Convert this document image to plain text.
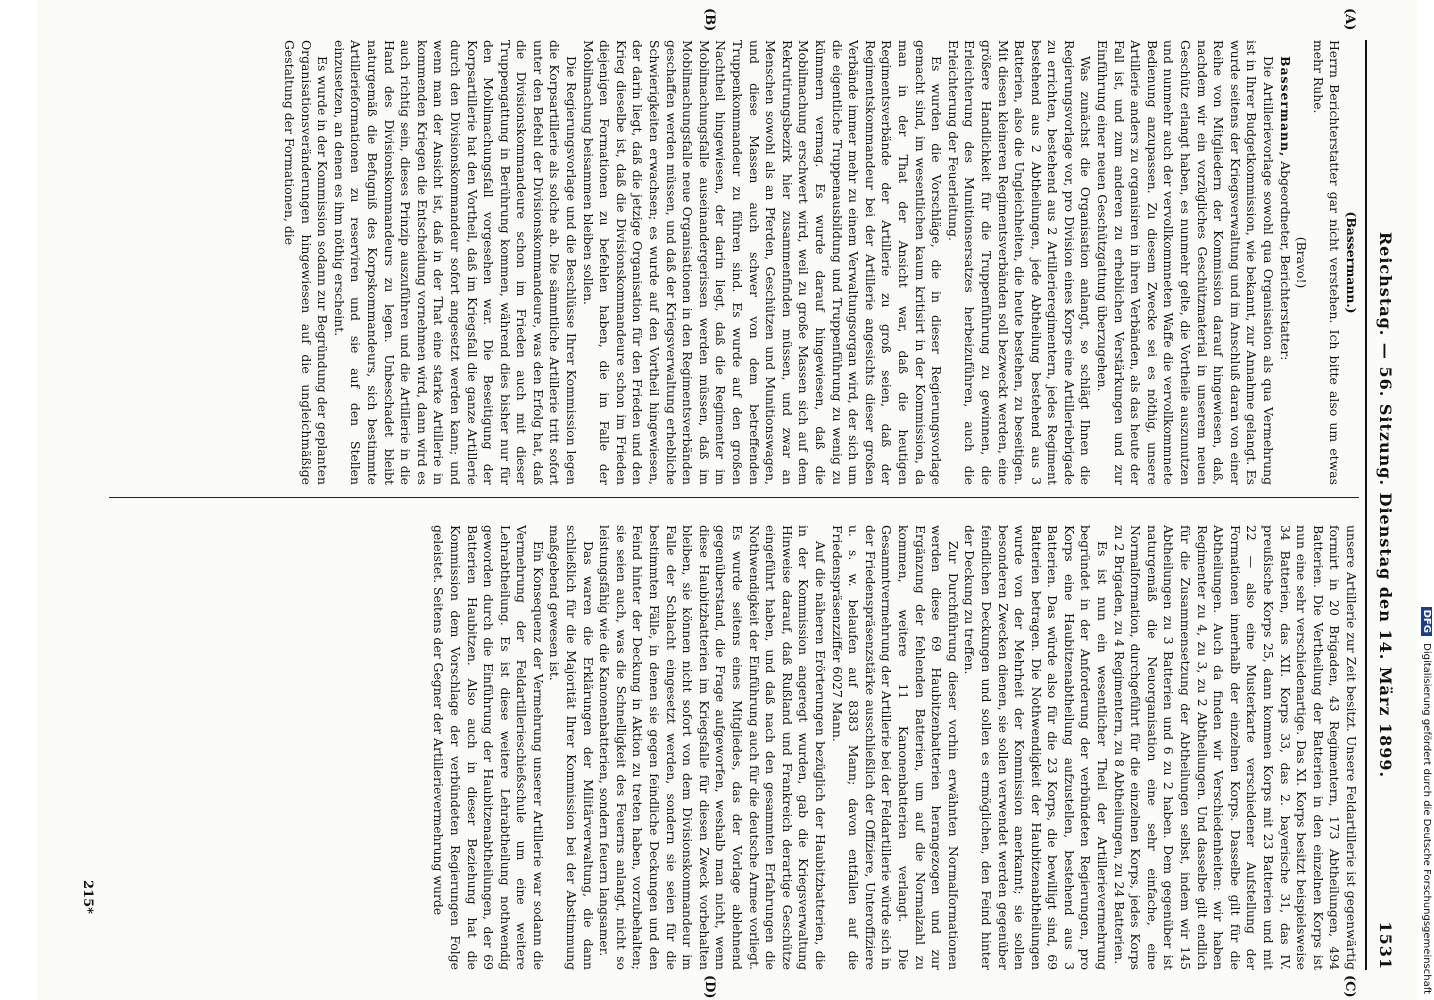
Reichstag. — 56. Sitzung. Dienstag den 14. März 1899.
1531
(A)
(B)
(C)
(D)
(Bassermann.)

Herrn Berichterstatter gar nicht verstehen. Ich bitte also um etwas mehr Ruhe.

(Bravo!)

Bassermann, Abgeordneter, Berichterstatter:

Die Artillerievorlage sowohl qua Organisation als qua Vermehrung ist in Ihrer Budgetkommission, wie bekannt, zur Annahme gelangt. Es wurde seitens der Kriegsverwaltung und im Anschluß daran von einer Reihe von Mitgliedern der Kommission darauf hingewiesen, daß, nachdem wir ein vorzügliches Geschützmaterial in unserem neuen Geschütz erlangt haben, es nunmehr gelte, die Vortheile auszunutzen und nunmehr auch der vervollkommneten Waffe die vervollkommnete Bedienung anzupassen. Zu diesem Zwecke sei es nöthig, unsere Artillerie anders zu organisiren in ihren Verbänden, als das heute der Fall ist, und zum anderen zu erheblichen Verstärkungen und zur Einführung einer neuen Geschützgattung überzugehen.

Was zunächst die Organisation anlangt, so schlägt Ihnen die Regierungsvorlage vor, pro Division eines Korps eine Artilleriebrigade zu errichten, bestehend aus 2 Artillerieregimentern, jedes Regiment bestehend aus 2 Abtheilungen, jede Abtheilung bestehend aus 3 Batterien, also die Ungleichheiten, die heute bestehen, zu beseitigen. Mit diesen kleineren Regimentsverbänden soll bezweckt werden, eine größere Handlichkeit für die Truppenführung zu gewinnen, die Erleichterung des Munitionsersatzes herbeizuführen, auch die Erleichterung der Feuerleitung.

Es wurden die Vorschläge, die in dieser Regierungsvorlage gemacht sind, im wesentlichen kaum kritisirt in der Kommission, da man in der That der Ansicht war, daß die heutigen Regimentsverbände der Artillerie zu groß seien, daß der Regimentskommandeur bei der Artillerie angesichts dieser großen Verbände immer mehr zu einem Verwaltungsorgan wird, der sich um die eigentliche Truppenausbildung und Truppenführung zu wenig zu kümmern vermag. Es wurde darauf hingewiesen, daß die Mobilmachung erschwert wird, weil zu große Massen sich auf dem Rekrutirungsbezirk hier zusammenfinden müssen, und zwar an Menschen sowohl als an Pferden, Geschützen und Munitionswagen, und diese Massen auch schwer von dem betreffenden Truppenkommandeur zu führen sind. Es wurde auf den großen Nachtheil hingewiesen, der darin liegt, daß die Regimenter im Mobilmachungsfalle auseinandergerissen werden müssen, daß im Mobilmachungsfalle neue Organisationen in den Regimentsverbänden geschaffen werden müssen, und daß der Kriegsverwaltung erhebliche Schwierigkeiten erwachsen; es wurde auf den Vortheil hingewiesen, der darin liegt, daß die jetzige Organisation für den Frieden und den Krieg dieselbe ist, daß die Divisionskommandeure schon im Frieden diejenigen Formationen zu befehlen haben, die im Falle der Mobilmachung beisammen bleiben sollen.

Die Regierungsvorlage und die Beschlüsse Ihrer Kommission legen die Korpsartillerie als solche ab. Die sämmtliche Artillerie tritt sofort unter den Befehl der Divisionskommandeure, was den Erfolg hat, daß die Divisionskommandeure schon im Frieden auch mit dieser Truppengattung in Berührung kommen, während dies bisher nur für den Mobilmachungsfall vorgesehen war. Die Beseitigung der Korpsartillerie hat den Vortheil, daß im Kriegsfall die ganze Artillerie durch den Divisionskommandeur sofort angesetzt werden kann; und wenn man der Ansicht ist, daß in der That eine starke Artillerie in kommenden Kriegen die Entscheidung vornehmen wird, dann wird es auch richtig sein, dieses Prinzip auszuführen und die Artillerie in die Hand des Divisionskommandeurs zu legen. Unbeschadet bleibt naturgemäß die Befugniß des Korpskommandeurs, sich bestimmte Artillerieformationen zu reserviren und sie auf den Stellen einzusetzen, an denen es ihm nöthig erscheint.

Es wurde in der Kommission sodann zur Begründung der geplanten Organisationsveränderungen hingewiesen auf die ungleichmäßige Gestaltung der Formationen, die

unsere Artillerie zur Zeit besitzt. Unsere Feldartillerie ist gegenwärtig formirt in 20 Brigaden, 43 Regimentern, 173 Abtheilungen, 494 Batterien. Die Vertheilung der Batterien in den einzelnen Korps ist nun eine sehr verschiedenartige. Das XI. Korps besitzt beispielsweise 34 Batterien, das XII. Korps 33, das 2. bayerische 31, das IV. preußische Korps 25, dann kommen Korps mit 23 Batterien und mit 22 — also eine Musterkarte verschiedener Aufstellung der Formationen innerhalb der einzelnen Korps. Dasselbe gilt für die Abtheilungen. Auch da finden wir Verschiedenheiten: wir haben Regimenter zu 4, zu 3, zu 2 Abtheilungen. Und dasselbe gilt endlich für die Zusammensetzung der Abtheilungen selbst, indem wir 145 Abtheilungen zu 3 Batterien und 6 zu 2 haben. Dem gegenüber ist naturgemäß die Neuorganisation eine sehr einfache, eine Normalformation, durchgeführt für die einzelnen Korps, jedes Korps zu 2 Brigaden, zu 4 Regimentern, zu 8 Abtheilungen, zu 24 Batterien.

Es ist nun ein wesentlicher Theil der Artillerievermehrung begründet in der Anforderung der verbündeten Regierungen, pro Korps eine Haubitzenabtheilung aufzustellen, bestehend aus 3 Batterien. Das würde also für die 23 Korps, die bewilligt sind, 69 Batterien betragen. Die Nothwendigkeit der Haubitzenabtheilungen wurde von der Mehrheit der Kommission anerkannt; sie sollen besonderen Zwecken dienen, sie sollen verwendet werden gegenüber feindlichen Deckungen und sollen es ermöglichen, den Feind hinter der Deckung zu treffen.

Zur Durchführung dieser vorhin erwähnten Normalformationen werden diese 69 Haubitzenbatterien herangezogen und zur Ergänzung der fehlenden Batterien, um auf die Normalzahl zu kommen, weitere 11 Kanonenbatterien verlangt. Die Gesammtvermehrung der Artillerie bei der Feldartillerie würde sich in der Friedenspräsenzstärke ausschließlich der Offiziere, Unteroffiziere u. s. w. belaufen auf 8383 Mann; davon entfallen auf die Friedenspräsenzziffer 6027 Mann.

Auf die näheren Erörterungen bezüglich der Haubitzbatterien, die in der Kommission angeregt wurden, gab die Kriegsverwaltung Hinweise darauf, daß Rußland und Frankreich derartige Geschütze eingeführt haben, und daß nach den gesammten Erfahrungen die Nothwendigkeit der Einführung auch für die deutsche Armee vorliegt. Es wurde seitens eines Mitgliedes, das der Vorlage ablehnend gegenüberstand, die Frage aufgeworfen, weshalb man nicht, wenn diese Haubitzbatterien im Kriegsfalle für diesen Zweck vorbehalten bleiben, sie können nicht sofort von dem Divisionskommandeur im Falle der Schlacht eingesetzt werden, sondern sie seien für die bestimmten Fälle, in denen sie gegen feindliche Deckungen und den Feind hinter der Deckung in Aktion zu treten haben, vorzubehalten; sie seien auch, was die Schnelligkeit des Feuerns anlangt, nicht so leistungsfähig wie die Kanonenbatterien, sondern feuern langsamer.

Das waren die Erklärungen der Militärverwaltung, die dann schließlich für die Majorität Ihrer Kommission bei der Abstimmung maßgebend gewesen ist.

Ein Konsequenz der Vermehrung unserer Artillerie war sodann die Vermehrung der Feldartillerieschießschule um eine weitere Lehrabtheilung. Es ist diese weitere Lehrabtheilung nothwendig geworden durch die Einführung der Haubitzenabtheilungen, der 69 Batterien Haubitzen. Also auch in dieser Beziehung hat die Kommission dem Vorschlage der verbündeten Regierungen Folge geleistet. Seitens der Gegner der Artillerievermehrung wurde

215*
DFG Digitalisierung gefördert durch die Deutsche Forschungsgemeinschaft
